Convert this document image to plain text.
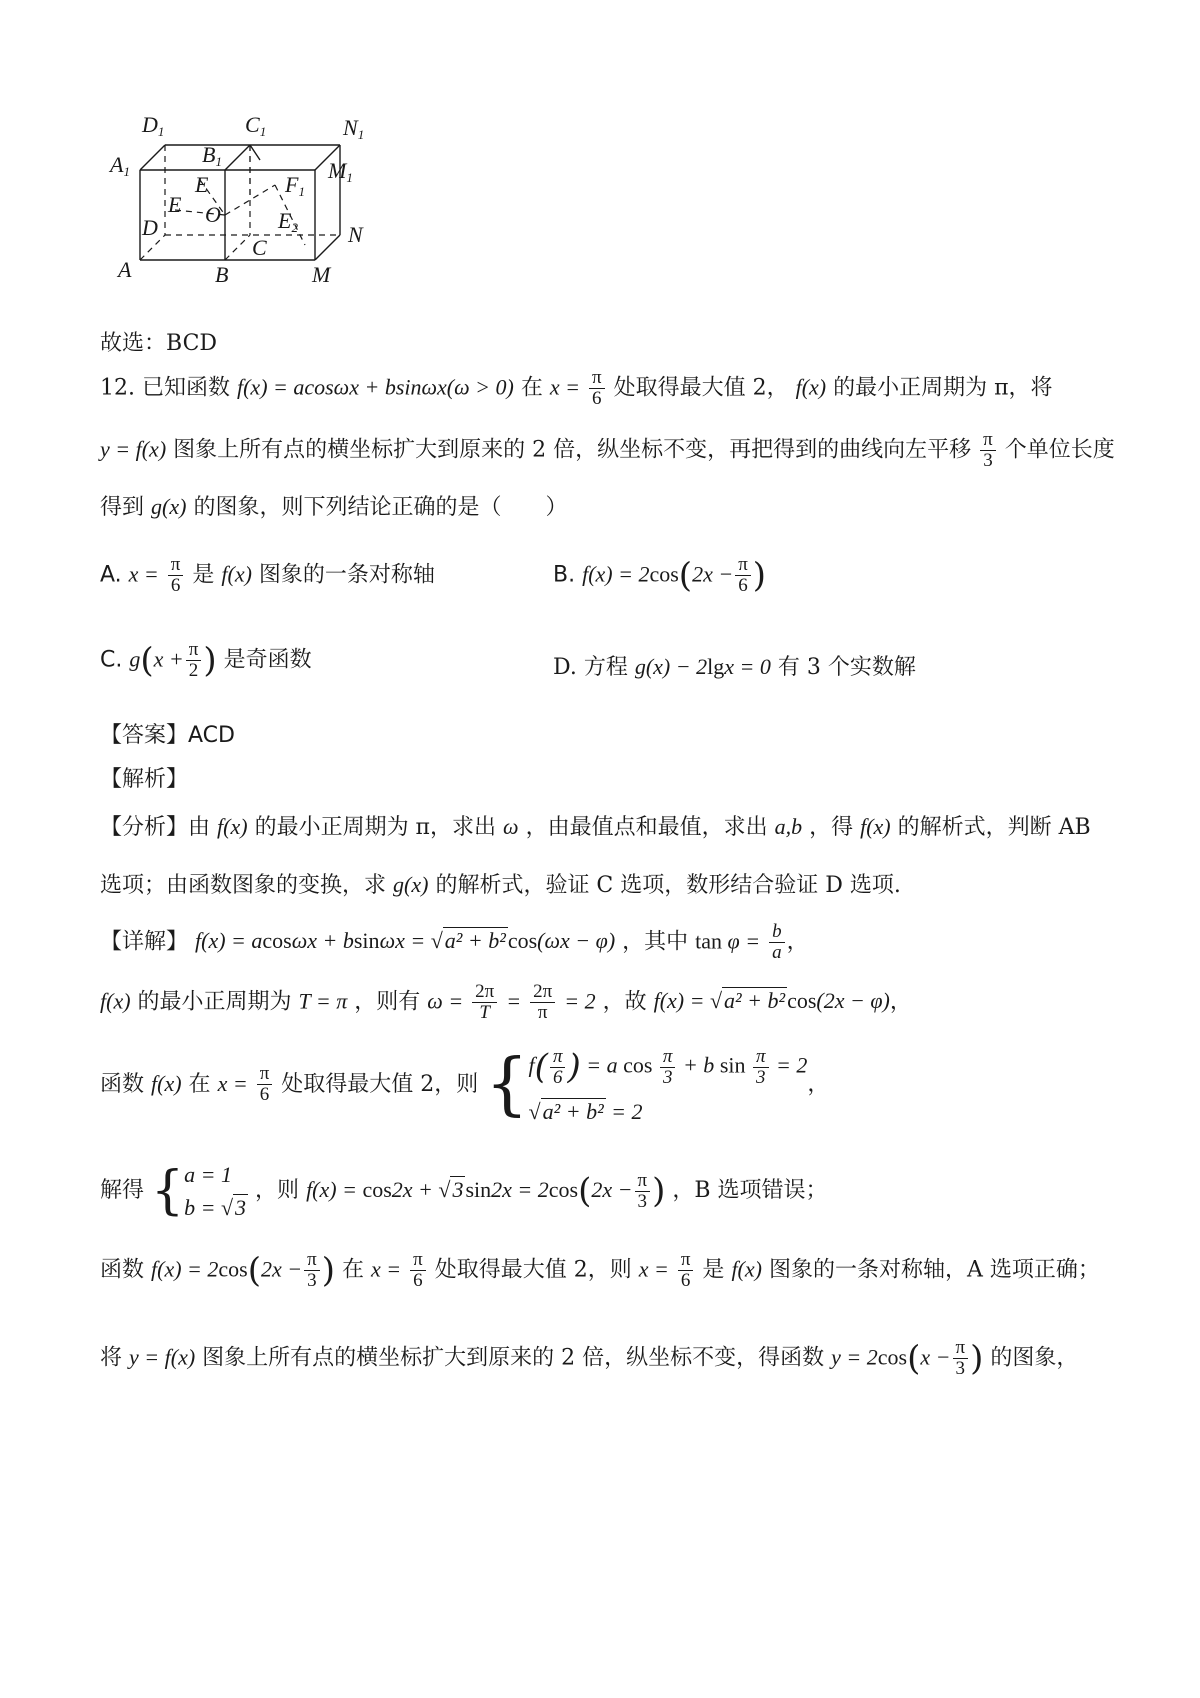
D1	C1	N1
A1
B1	M1
E	F1
E O	E2
D
C
N
A	B	M
故选：BCD
12. 已知函数 f(x) = acosωx + bsinωx(ω > 0) 在 $x = \frac{\pi}{6}$ 处取得最大值 2， f(x) 的最小正周期为 π，将
y = f(x) 图象上所有点的横坐标扩大到原来的 2 倍，纵坐标不变，再把得到的曲线向左平移 $\frac{\pi}{3}$ 个单位长度
得到 g(x) 的图象，则下列结论正确的是（　　）
A. $x = \frac{\pi}{6}$ 是 f(x) 图象的一条对称轴	B. $f(x) = 2\cos(2x - \frac{\pi}{6}$ )
C. $g(x + \frac{\pi}{2}$ ) 是奇函数	D. 方程 g(x) − 2lgx = 0 有 3 个实数解
【答案】ACD
【解析】
【分析】由 f(x) 的最小正周期为 π，求出 ω ，由最值点和最值，求出 a,b ，得 f(x) 的解析式，判断 AB
选项；由函数图象的变换，求 g(x) 的解析式，验证 C 选项，数形结合验证 D 选项.
【详解】 f(x) = acosωx + bsinωx = √a² + b²cos(ωx − φ) ，其中 $\tan \varphi = \frac{b}{a}$ ，
f(x) 的最小正周期为 T = π ，则有 $\omega = \frac{2\pi}{T} = \frac{2\pi}{\pi} = 2$ ，故 f(x) = √a² + b²cos(2x − φ)，
函数 f(x) 在 $x = \frac{\pi}{6}$ 处取得最大值 2，则 { $f( \frac{\pi}{6}$ ) = a $\cos \frac{\pi}{3} + b$ $\sin \frac{\pi}{3} = 2$
√a² + b² = 2
，
解得 { a = 1
b = √3
，则 $f(x) = \cos 2x + √3\sin 2x = 2\cos(2x - \frac{\pi}{3}$ ) ，B 选项错误；
函数 $f(x) = 2\cos(2x - \frac{\pi}{3}$ ) 在 $x = \frac{\pi}{6}$ 处取得最大值 2，则 $x = \frac{\pi}{6}$ 是 f(x) 图象的一条对称轴，A 选项正确；
将 y = f(x) 图象上所有点的横坐标扩大到原来的 2 倍，纵坐标不变，得函数 $y = 2\cos(x - \frac{\pi}{3}$ ) 的图象，
